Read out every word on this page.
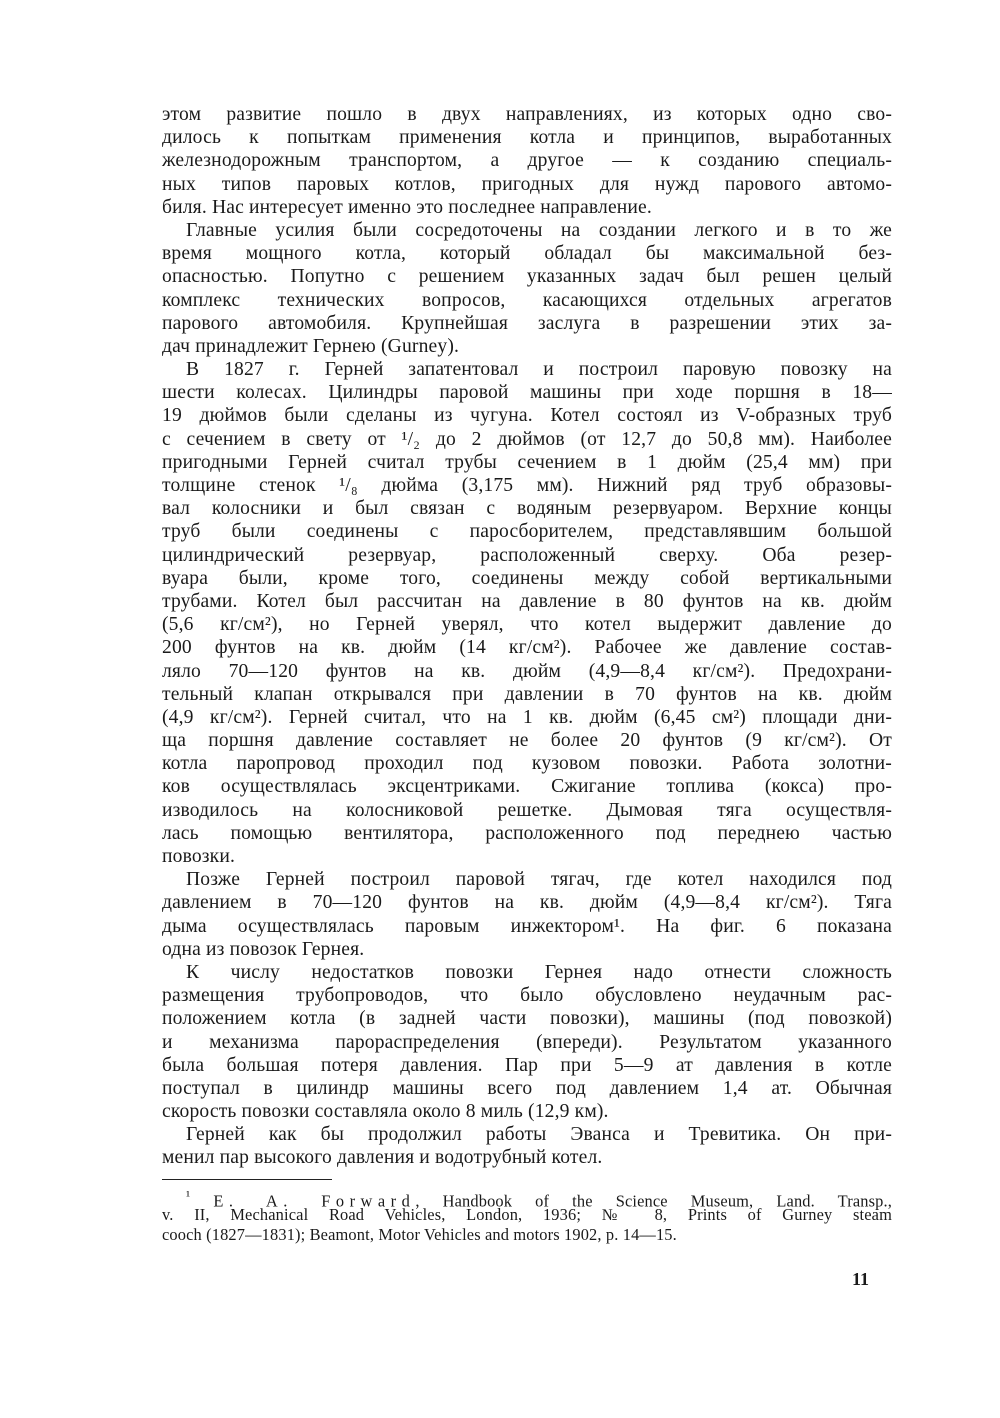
этом развитие пошло в двух направлениях, из которых одно сво-
дилось к попыткам применения котла и принципов, выработанных
железнодорожным транспортом, а другое — к созданию специаль-
ных типов паровых котлов, пригодных для нужд парового автомо-
биля. Нас интересует именно это последнее направление.
Главные усилия были сосредоточены на создании легкого и в то же
время мощного котла, который обладал бы максимальной без-
опасностью. Попутно с решением указанных задач был решен целый
комплекс технических вопросов, касающихся отдельных агрегатов
парового автомобиля. Крупнейшая заслуга в разрешении этих за-
дач принадлежит Гернею (Gurney).
В 1827 г. Герней запатентовал и построил паровую повозку на
шести колесах. Цилиндры паровой машины при ходе поршня в 18—
19 дюймов были сделаны из чугуна. Котел состоял из V-образных труб
с сечением в свету от ¹/₂ до 2 дюймов (от 12,7 до 50,8 мм). Наиболее
пригодными Герней считал трубы сечением в 1 дюйм (25,4 мм) при
толщине стенок ¹/₈ дюйма (3,175 мм). Нижний ряд труб образовы-
вал колосники и был связан с водяным резервуаром. Верхние концы
труб были соединены с паросборителем, представлявшим большой
цилиндрический резервуар, расположенный сверху. Оба резер-
вуара были, кроме того, соединены между собой вертикальными
трубами. Котел был рассчитан на давление в 80 фунтов на кв. дюйм
(5,6 кг/см²), но Герней уверял, что котел выдержит давление до
200 фунтов на кв. дюйм (14 кг/см²). Рабочее же давление состав-
ляло 70—120 фунтов на кв. дюйм (4,9—8,4 кг/см²). Предохрани-
тельный клапан открывался при давлении в 70 фунтов на кв. дюйм
(4,9 кг/см²). Герней считал, что на 1 кв. дюйм (6,45 см²) площади дни-
ща поршня давление составляет не более 20 фунтов (9 кг/см²). От
котла паропровод проходил под кузовом повозки. Работа золотни-
ков осуществлялась эксцентриками. Сжигание топлива (кокса) про-
изводилось на колосниковой решетке. Дымовая тяга осуществля-
лась помощью вентилятора, расположенного под переднею частью
повозки.
Позже Герней построил паровой тягач, где котел находился под
давлением в 70—120 фунтов на кв. дюйм (4,9—8,4 кг/см²). Тяга
дыма осуществлялась паровым инжектором¹. На фиг. 6 показана
одна из повозок Гернея.
К числу недостатков повозки Гернея надо отнести сложность
размещения трубопроводов, что было обусловлено неудачным рас-
положением котла (в задней части повозки), машины (под повозкой)
и механизма парораспределения (впереди). Результатом указанного
была большая потеря давления. Пар при 5—9 ат давления в котле
поступал в цилиндр машины всего под давлением 1,4 ат. Обычная
скорость повозки составляла около 8 миль (12,9 км).
Герней как бы продолжил работы Эванса и Тревитика. Он при-
менил пар высокого давления и водотрубный котел.
$^{^1}$ E. A. Forward, Handbook of the Science Museum, Land. Transp.,
v. II, Mechanical Road Vehicles, London, 1936; № 8, Prints of Gurney steam
cooch (1827—1831); Beamont, Motor Vehicles and motors 1902, p. 14—15.
11
